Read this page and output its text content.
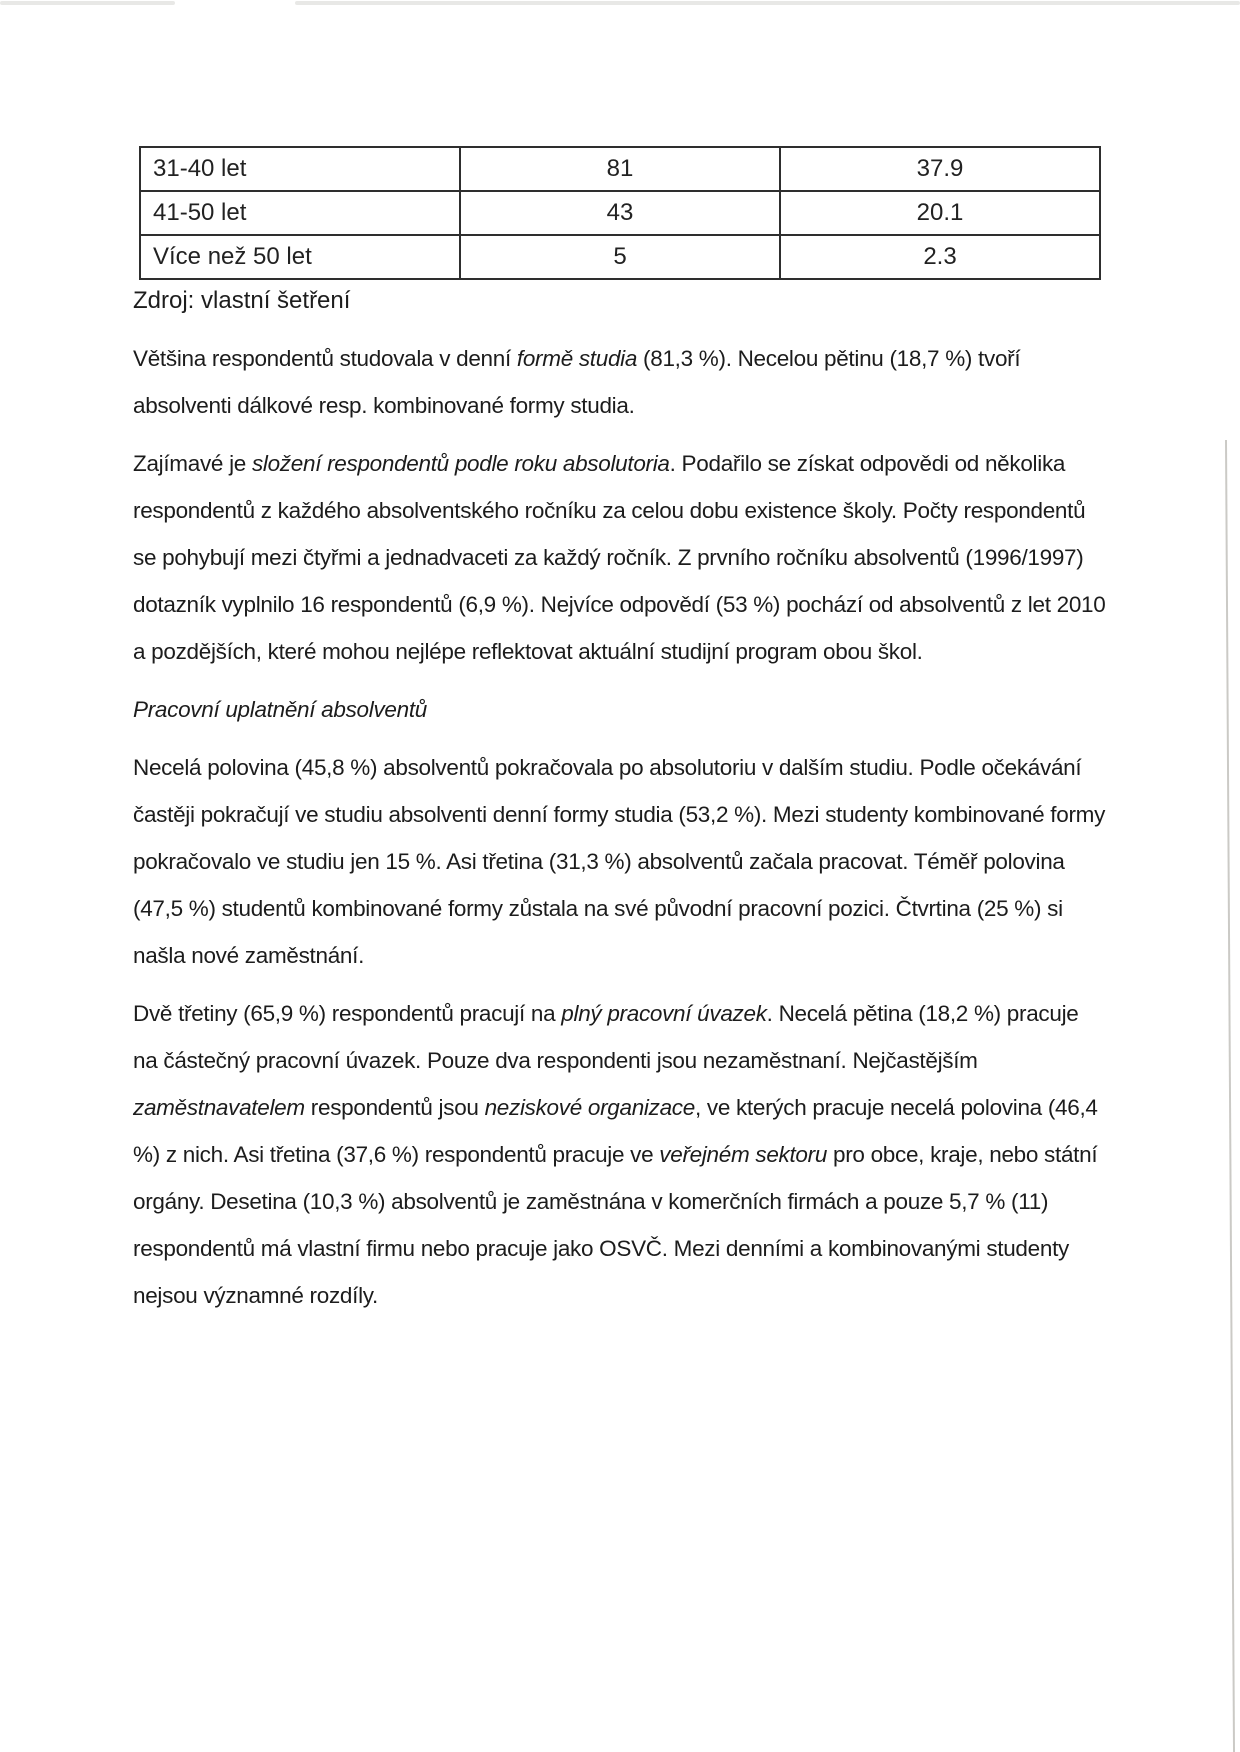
31-40 let	81	37.9
41-50 let	43	20.1
Více než 50 let	5	2.3
Zdroj: vlastní šetření

Většina respondentů studovala v denní formě studia (81,3 %). Necelou pětinu (18,7 %) tvoří absolventi dálkové resp. kombinované formy studia.

Zajímavé je složení respondentů podle roku absolutoria. Podařilo se získat odpovědi od několika respondentů z každého absolventského ročníku za celou dobu existence školy. Počty respondentů se pohybují mezi čtyřmi a jednadvaceti za každý ročník. Z prvního ročníku absolventů (1996/1997) dotazník vyplnilo 16 respondentů (6,9 %). Nejvíce odpovědí (53 %) pochází od absolventů z let 2010 a pozdějších, které mohou nejlépe reflektovat aktuální studijní program obou škol.

Pracovní uplatnění absolventů

Necelá polovina (45,8 %) absolventů pokračovala po absolutoriu v dalším studiu. Podle očekávání častěji pokračují ve studiu absolventi denní formy studia (53,2 %). Mezi studenty kombinované formy pokračovalo ve studiu jen 15 %. Asi třetina (31,3 %) absolventů začala pracovat. Téměř polovina (47,5 %) studentů kombinované formy zůstala na své původní pracovní pozici. Čtvrtina (25 %) si našla nové zaměstnání.

Dvě třetiny (65,9 %) respondentů pracují na plný pracovní úvazek. Necelá pětina (18,2 %) pracuje na částečný pracovní úvazek. Pouze dva respondenti jsou nezaměstnaní. Nejčastějším zaměstnavatelem respondentů jsou neziskové organizace, ve kterých pracuje necelá polovina (46,4 %) z nich. Asi třetina (37,6 %) respondentů pracuje ve veřejném sektoru pro obce, kraje, nebo státní orgány. Desetina (10,3 %) absolventů je zaměstnána v komerčních firmách a pouze 5,7 % (11) respondentů má vlastní firmu nebo pracuje jako OSVČ. Mezi denními a kombinovanými studenty nejsou významné rozdíly.
